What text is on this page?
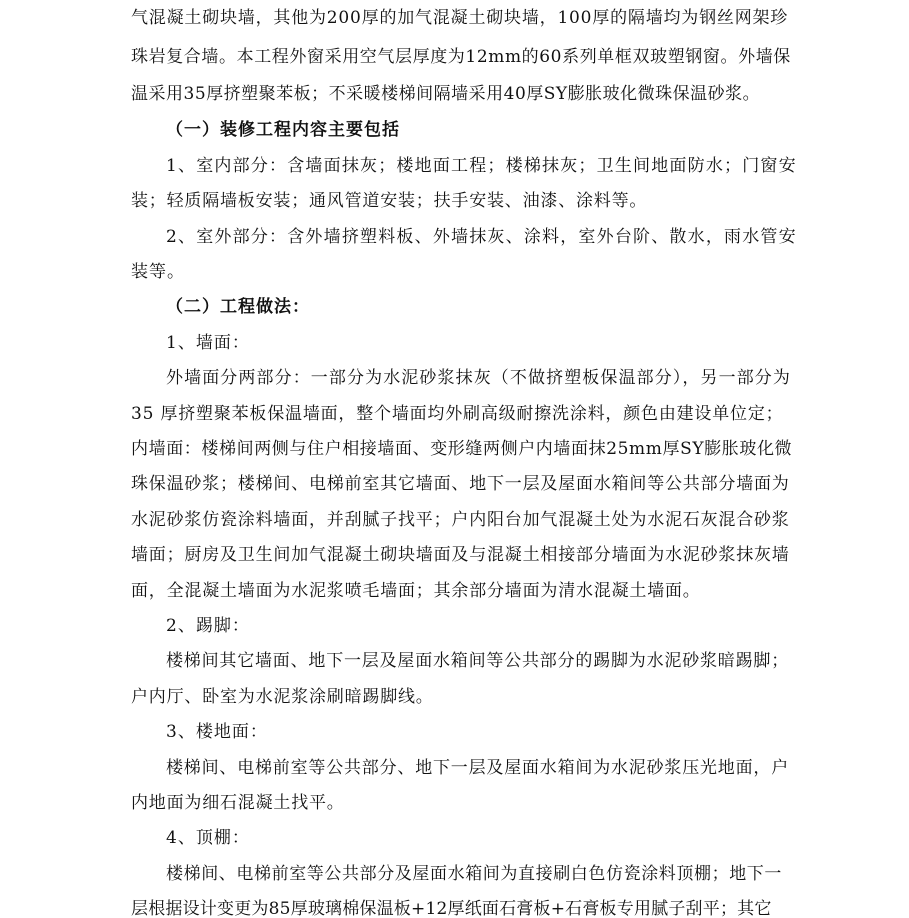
气混凝土砌块墙，其他为200厚的加气混凝土砌块墙，100厚的隔墙均为钢丝网架珍
珠岩复合墙。本工程外窗采用空气层厚度为12mm的60系列单框双玻塑钢窗。外墙保
温采用35厚挤塑聚苯板；不采暖楼梯间隔墙采用40厚SY膨胀玻化微珠保温砂浆。
（一）装修工程内容主要包括
1、室内部分：含墙面抹灰；楼地面工程；楼梯抹灰；卫生间地面防水；门窗安
装；轻质隔墙板安装；通风管道安装；扶手安装、油漆、涂料等。
2、室外部分：含外墙挤塑料板、外墙抹灰、涂料，室外台阶、散水，雨水管安
装等。
（二）工程做法：
1、墙面：
外墙面分两部分：一部分为水泥砂浆抹灰（不做挤塑板保温部分），另一部分为
35 厚挤塑聚苯板保温墙面，整个墙面均外刷高级耐擦洗涂料，颜色由建设单位定；
内墙面：楼梯间两侧与住户相接墙面、变形缝两侧户内墙面抹25mm厚SY膨胀玻化微
珠保温砂浆；楼梯间、电梯前室其它墙面、地下一层及屋面水箱间等公共部分墙面为
水泥砂浆仿瓷涂料墙面，并刮腻子找平；户内阳台加气混凝土处为水泥石灰混合砂浆
墙面；厨房及卫生间加气混凝土砌块墙面及与混凝土相接部分墙面为水泥砂浆抹灰墙
面，全混凝土墙面为水泥浆喷毛墙面；其余部分墙面为清水混凝土墙面。
2、踢脚：
楼梯间其它墙面、地下一层及屋面水箱间等公共部分的踢脚为水泥砂浆暗踢脚；
户内厅、卧室为水泥浆涂刷暗踢脚线。
3、楼地面：
楼梯间、电梯前室等公共部分、地下一层及屋面水箱间为水泥砂浆压光地面，户
内地面为细石混凝土找平。
4、顶棚：
楼梯间、电梯前室等公共部分及屋面水箱间为直接刷白色仿瓷涂料顶棚；地下一
层根据设计变更为85厚玻璃棉保温板+12厚纸面石膏板+石膏板专用腻子刮平；其它
